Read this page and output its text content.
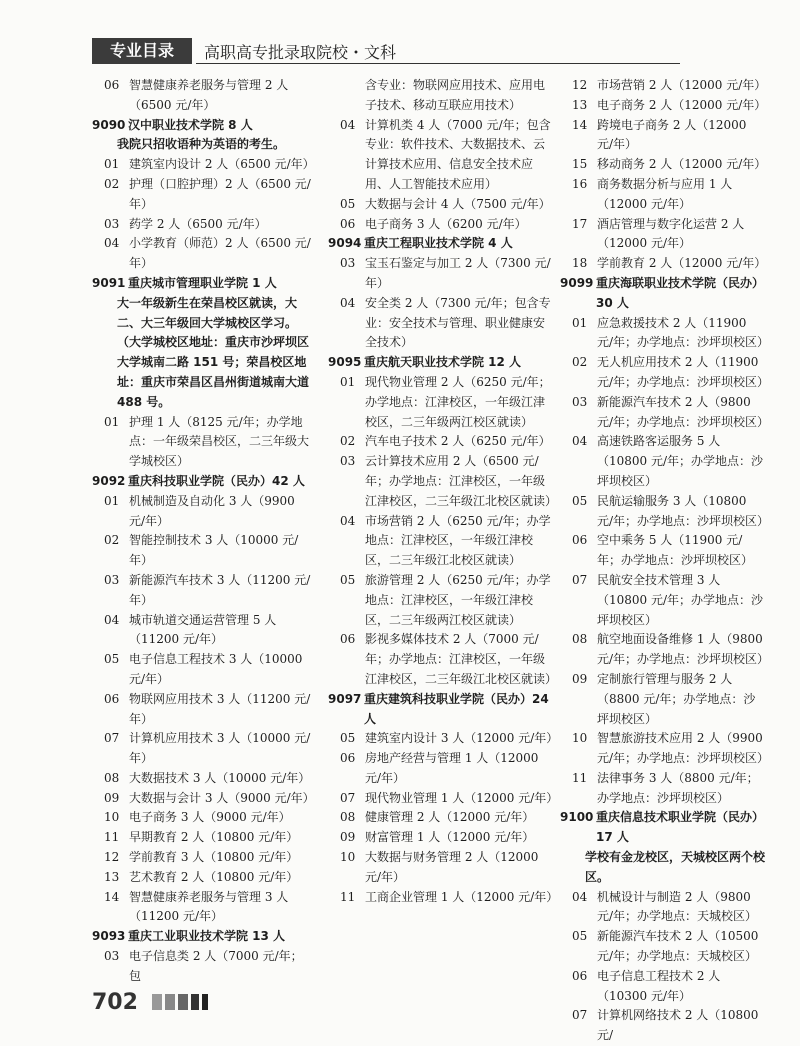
专业目录	高职高专批录取院校・文科
06 智慧健康养老服务与管理 2 人（6500 元/年）
9090 汉中职业技术学院 8 人
我院只招收语种为英语的考生。
01 建筑室内设计 2 人（6500 元/年）
02 护理（口腔护理）2 人（6500 元/年）
03 药学 2 人（6500 元/年）
04 小学教育（师范）2 人（6500 元/年）
9091 重庆城市管理职业学院 1 人
大一年级新生在荣昌校区就读，大二、大三年级回大学城校区学习。（大学城校区地址：重庆市沙坪坝区大学城南二路 151 号；荣昌校区地址：重庆市荣昌区昌州街道城南大道 488 号。
01 护理 1 人（8125 元/年；办学地点：一年级荣昌校区，二三年级大学城校区）
9092 重庆科技职业学院（民办）42 人
01 机械制造及自动化 3 人（9900 元/年）
02 智能控制技术 3 人（10000 元/年）
03 新能源汽车技术 3 人（11200 元/年）
04 城市轨道交通运营管理 5 人（11200 元/年）
05 电子信息工程技术 3 人（10000 元/年）
06 物联网应用技术 3 人（11200 元/年）
07 计算机应用技术 3 人（10000 元/年）
08 大数据技术 3 人（10000 元/年）
09 大数据与会计 3 人（9000 元/年）
10 电子商务 3 人（9000 元/年）
11 早期教育 2 人（10800 元/年）
12 学前教育 3 人（10800 元/年）
13 艺术教育 2 人（10800 元/年）
14 智慧健康养老服务与管理 3 人（11200 元/年）
9093 重庆工业职业技术学院 13 人
03 电子信息类 2 人（7000 元/年；包
含专业：物联网应用技术、应用电子技术、移动互联应用技术）
04 计算机类 4 人（7000 元/年；包含专业：软件技术、大数据技术、云计算技术应用、信息安全技术应用、人工智能技术应用）
05 大数据与会计 4 人（7500 元/年）
06 电子商务 3 人（6200 元/年）
9094 重庆工程职业技术学院 4 人
03 宝玉石鉴定与加工 2 人（7300 元/年）
04 安全类 2 人（7300 元/年；包含专业：安全技术与管理、职业健康安全技术）
9095 重庆航天职业技术学院 12 人
01 现代物业管理 2 人（6250 元/年；办学地点：江津校区，一年级江津校区，二三年级两江校区就读）
02 汽车电子技术 2 人（6250 元/年）
03 云计算技术应用 2 人（6500 元/年；办学地点：江津校区，一年级江津校区，二三年级江北校区就读）
04 市场营销 2 人（6250 元/年；办学地点：江津校区，一年级江津校区，二三年级江北校区就读）
05 旅游管理 2 人（6250 元/年；办学地点：江津校区，一年级江津校区，二三年级两江校区就读）
06 影视多媒体技术 2 人（7000 元/年；办学地点：江津校区，一年级江津校区，二三年级江北校区就读）
9097 重庆建筑科技职业学院（民办）24 人
05 建筑室内设计 3 人（12000 元/年）
06 房地产经营与管理 1 人（12000 元/年）
07 现代物业管理 1 人（12000 元/年）
08 健康管理 2 人（12000 元/年）
09 财富管理 1 人（12000 元/年）
10 大数据与财务管理 2 人（12000 元/年）
11 工商企业管理 1 人（12000 元/年）
12 市场营销 2 人（12000 元/年）
13 电子商务 2 人（12000 元/年）
14 跨境电子商务 2 人（12000 元/年）
15 移动商务 2 人（12000 元/年）
16 商务数据分析与应用 1 人（12000 元/年）
17 酒店管理与数字化运营 2 人（12000 元/年）
18 学前教育 2 人（12000 元/年）
9099 重庆海联职业技术学院（民办）30 人
01 应急救援技术 2 人（11900 元/年；办学地点：沙坪坝校区）
02 无人机应用技术 2 人（11900 元/年；办学地点：沙坪坝校区）
03 新能源汽车技术 2 人（9800 元/年；办学地点：沙坪坝校区）
04 高速铁路客运服务 5 人（10800 元/年；办学地点：沙坪坝校区）
05 民航运输服务 3 人（10800 元/年；办学地点：沙坪坝校区）
06 空中乘务 5 人（11900 元/年；办学地点：沙坪坝校区）
07 民航安全技术管理 3 人（10800 元/年；办学地点：沙坪坝校区）
08 航空地面设备维修 1 人（9800 元/年；办学地点：沙坪坝校区）
09 定制旅行管理与服务 2 人（8800 元/年；办学地点：沙坪坝校区）
10 智慧旅游技术应用 2 人（9900 元/年；办学地点：沙坪坝校区）
11 法律事务 3 人（8800 元/年；办学地点：沙坪坝校区）
9100 重庆信息技术职业学院（民办）17 人
学校有金龙校区，天城校区两个校区。
04 机械设计与制造 2 人（9800 元/年；办学地点：天城校区）
05 新能源汽车技术 2 人（10500 元/年；办学地点：天城校区）
06 电子信息工程技术 2 人（10300 元/年）
07 计算机网络技术 2 人（10800 元/
702
